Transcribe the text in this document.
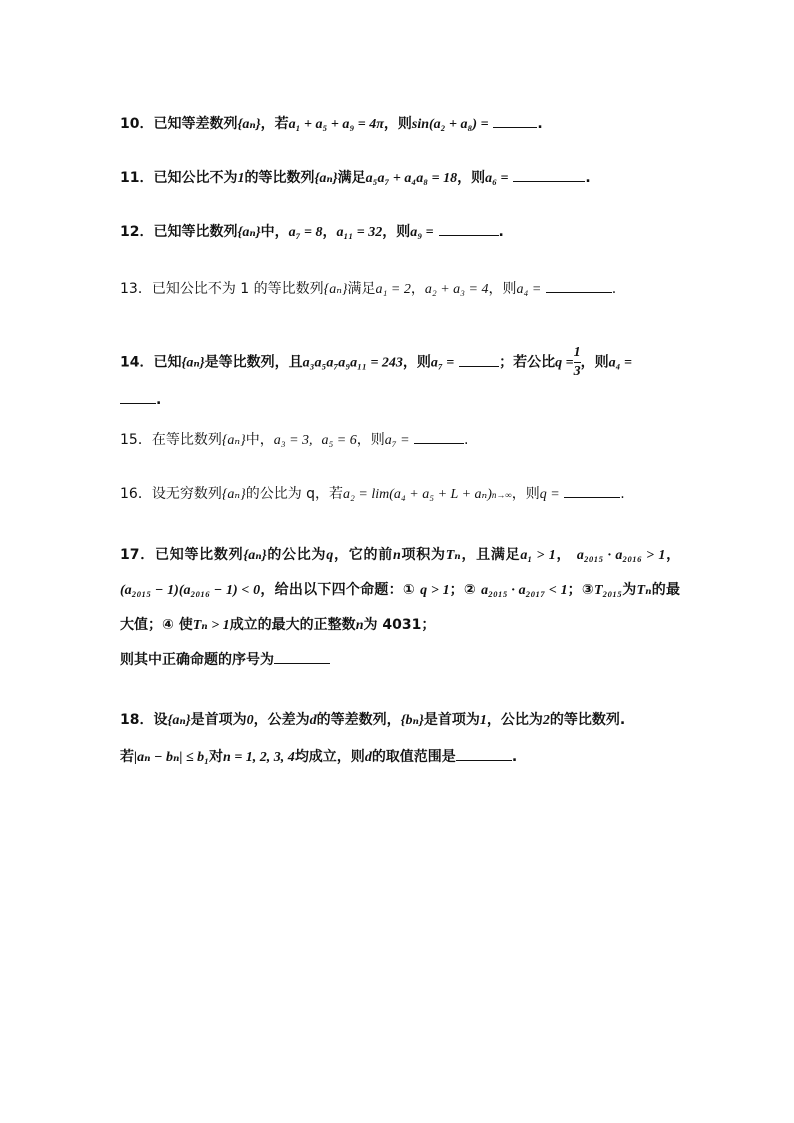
10．已知等差数列{aₙ}，若a₁ + a₅ + a₉ = 4π，则sin(a₂ + a₈) =	.
11．已知公比不为1的等比数列{aₙ}满足a₅a₇ + a₄a₈ = 18，则a₆ =	.
12．已知等比数列{aₙ}中，a₇ = 8，a₁₁ = 32，则a₉ =	.
13．已知公比不为 1 的等比数列{aₙ}满足a₁ = 2，a₂ + a₃ = 4，则a₄ =	.
14．已知{aₙ}是等比数列，且a₃a₅a₇a₉a₁₁ = 243，则a₇ =	；若公比$q = \frac{1}{3}$ ，则a₄ =
.
15．在等比数列{aₙ}中，a₃ = 3, a₅ = 6，则a₇ =	.
16．设无穷数列{aₙ}的公比为 q，若a₂ = lim(a₄ + a₅ + L + aₙ)n→∞，则q =	.
17．已知等比数列{aₙ}的公比为q，它的前n项积为Tₙ，且满足a₁ > 1， a₂₀₁₅ · a₂₀₁₆ > 1， (a₂₀₁₅ − 1)(a₂₀₁₆ − 1) < 0，给出以下四个命题：① q > 1；② a₂₀₁₅ · a₂₀₁₇ < 1；③T₂₀₁₅为Tₙ的最大值；④ 使Tₙ > 1成立的最大的正整数n为 4031；
则其中正确命题的序号为
18．设{aₙ}是首项为0，公差为d的等差数列，{bₙ}是首项为1，公比为2的等比数列.
若|aₙ − bₙ| ≤ b₁对n = 1, 2, 3, 4均成立，则d的取值范围是	.
